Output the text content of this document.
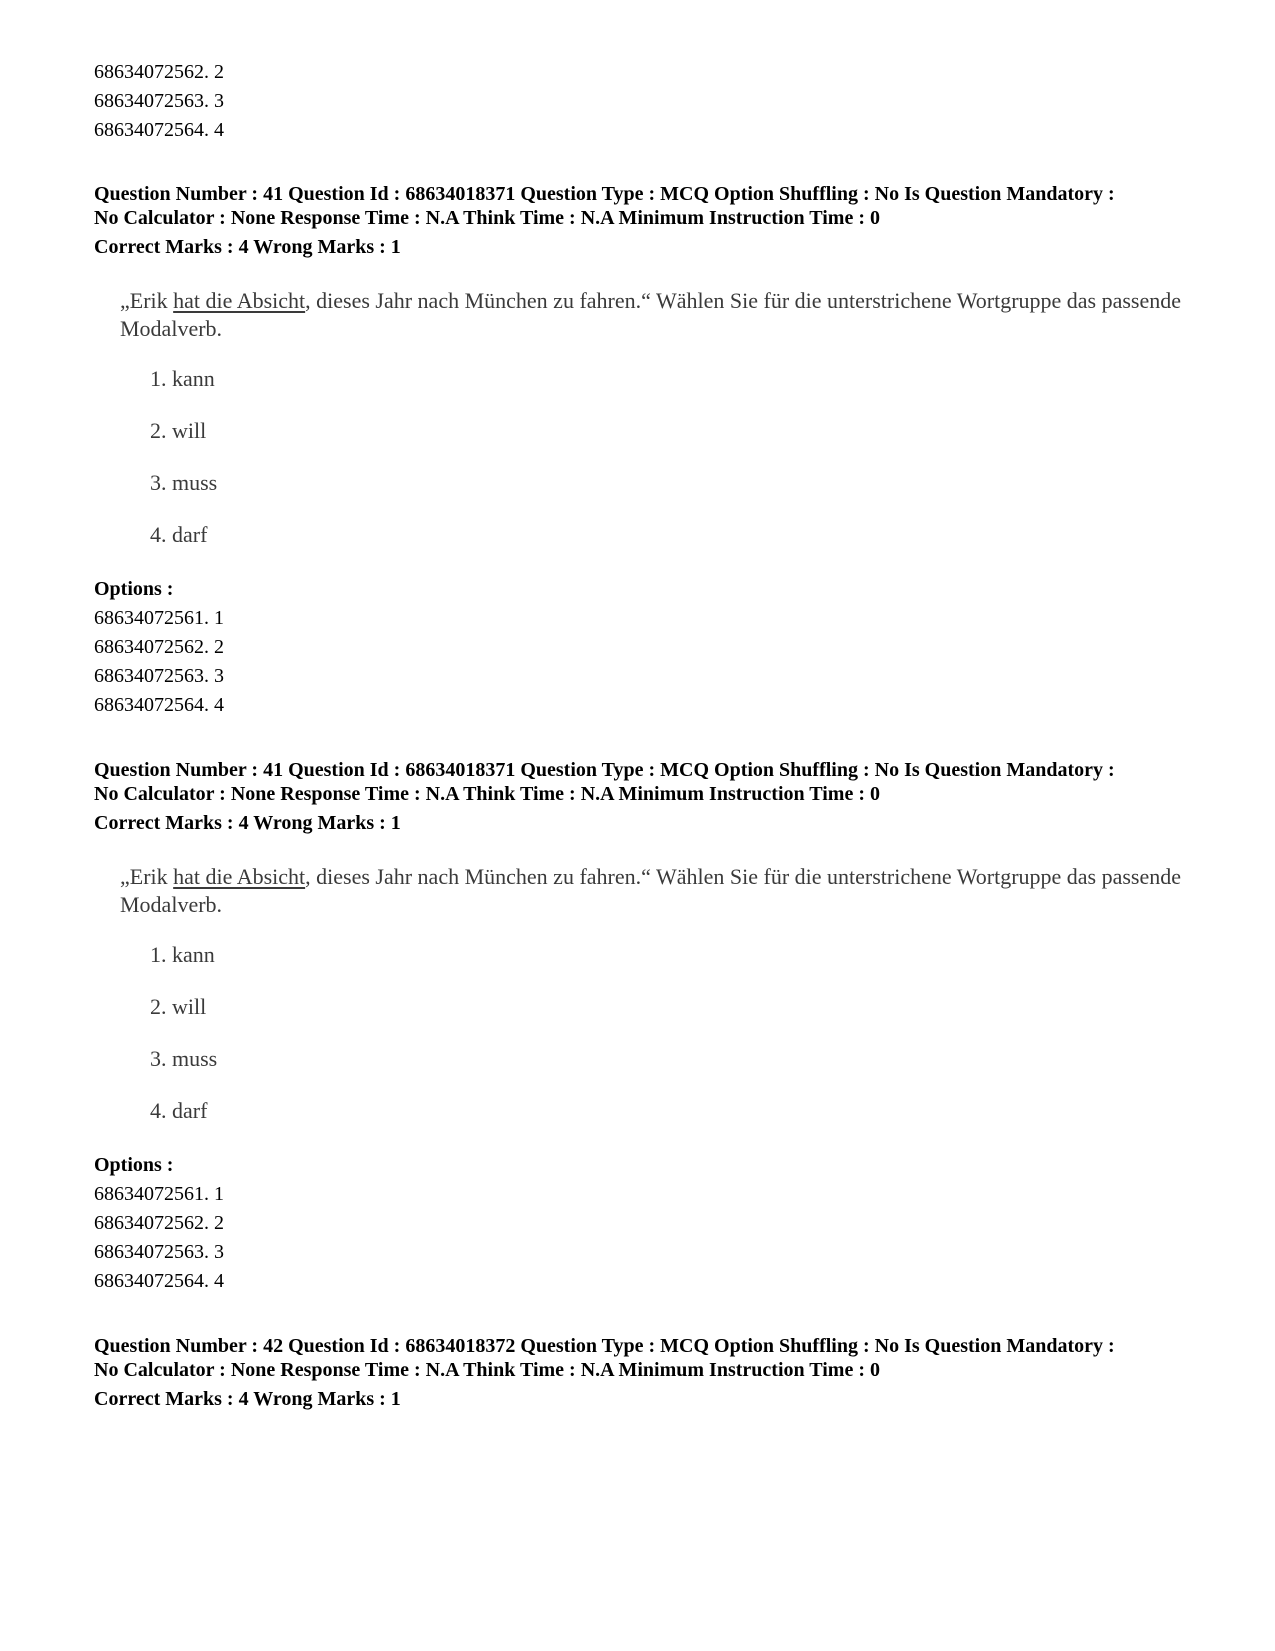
68634072562. 2
68634072563. 3
68634072564. 4
Question Number : 41 Question Id : 68634018371 Question Type : MCQ Option Shuffling : No Is Question Mandatory :
No Calculator : None Response Time : N.A Think Time : N.A Minimum Instruction Time : 0
Correct Marks : 4 Wrong Marks : 1

„Erik hat die Absicht, dieses Jahr nach München zu fahren.“ Wählen Sie für die unterstrichene Wortgruppe das passende Modalverb.

1. kann
2. will
3. muss
4. darf
Options :
68634072561. 1
68634072562. 2
68634072563. 3
68634072564. 4
Question Number : 41 Question Id : 68634018371 Question Type : MCQ Option Shuffling : No Is Question Mandatory :
No Calculator : None Response Time : N.A Think Time : N.A Minimum Instruction Time : 0
Correct Marks : 4 Wrong Marks : 1

„Erik hat die Absicht, dieses Jahr nach München zu fahren.“ Wählen Sie für die unterstrichene Wortgruppe das passende Modalverb.

1. kann
2. will
3. muss
4. darf
Options :
68634072561. 1
68634072562. 2
68634072563. 3
68634072564. 4
Question Number : 42 Question Id : 68634018372 Question Type : MCQ Option Shuffling : No Is Question Mandatory :
No Calculator : None Response Time : N.A Think Time : N.A Minimum Instruction Time : 0
Correct Marks : 4 Wrong Marks : 1
